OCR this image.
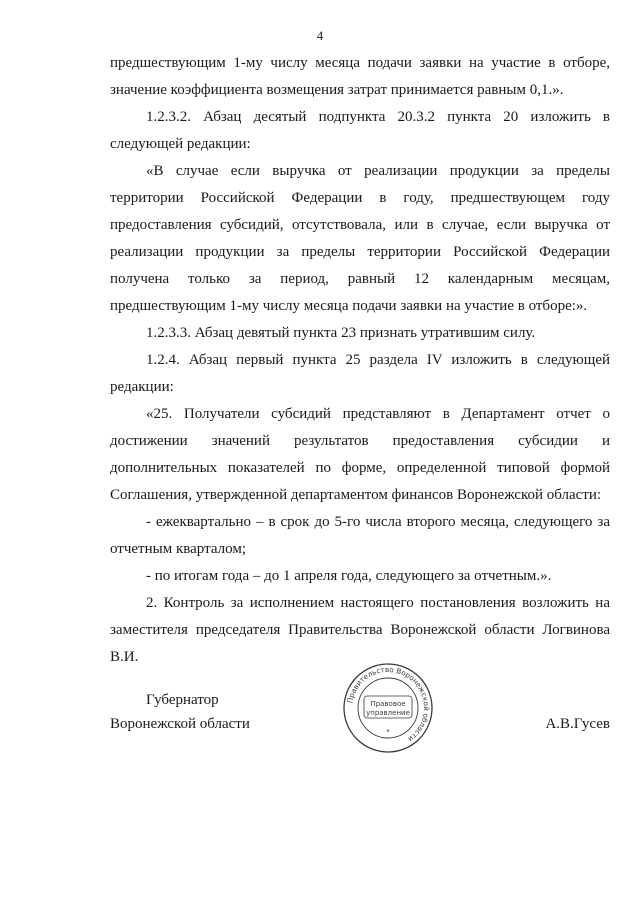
4

предшествующим 1-му числу месяца подачи заявки на участие в отборе, значение коэффициента возмещения затрат принимается равным 0,1.».

1.2.3.2. Абзац десятый подпункта 20.3.2 пункта 20 изложить в следующей редакции:

«В случае если выручка от реализации продукции за пределы территории Российской Федерации в году, предшествующем году предоставления субсидий, отсутствовала, или в случае, если выручка от реализации продукции за пределы территории Российской Федерации получена только за период, равный 12 календарным месяцам, предшествующим 1-му числу месяца подачи заявки на участие в отборе:».

1.2.3.3. Абзац девятый пункта 23 признать утратившим силу.

1.2.4. Абзац первый пункта 25 раздела IV изложить в следующей редакции:

«25. Получатели субсидий представляют в Департамент отчет о достижении значений результатов предоставления субсидии и дополнительных показателей по форме, определенной типовой формой Соглашения, утвержденной департаментом финансов Воронежской области:

- ежеквартально – в срок до 5-го числа второго месяца, следующего за отчетным кварталом;

- по итогам года – до 1 апреля года, следующего за отчетным.».

2. Контроль за исполнением настоящего постановления возложить на заместителя председателя Правительства Воронежской области Логвинова В.И.

Губернатор
Воронежской области	А.В.Гусев
Правительство Воронежской области
Правовое
управление
*
